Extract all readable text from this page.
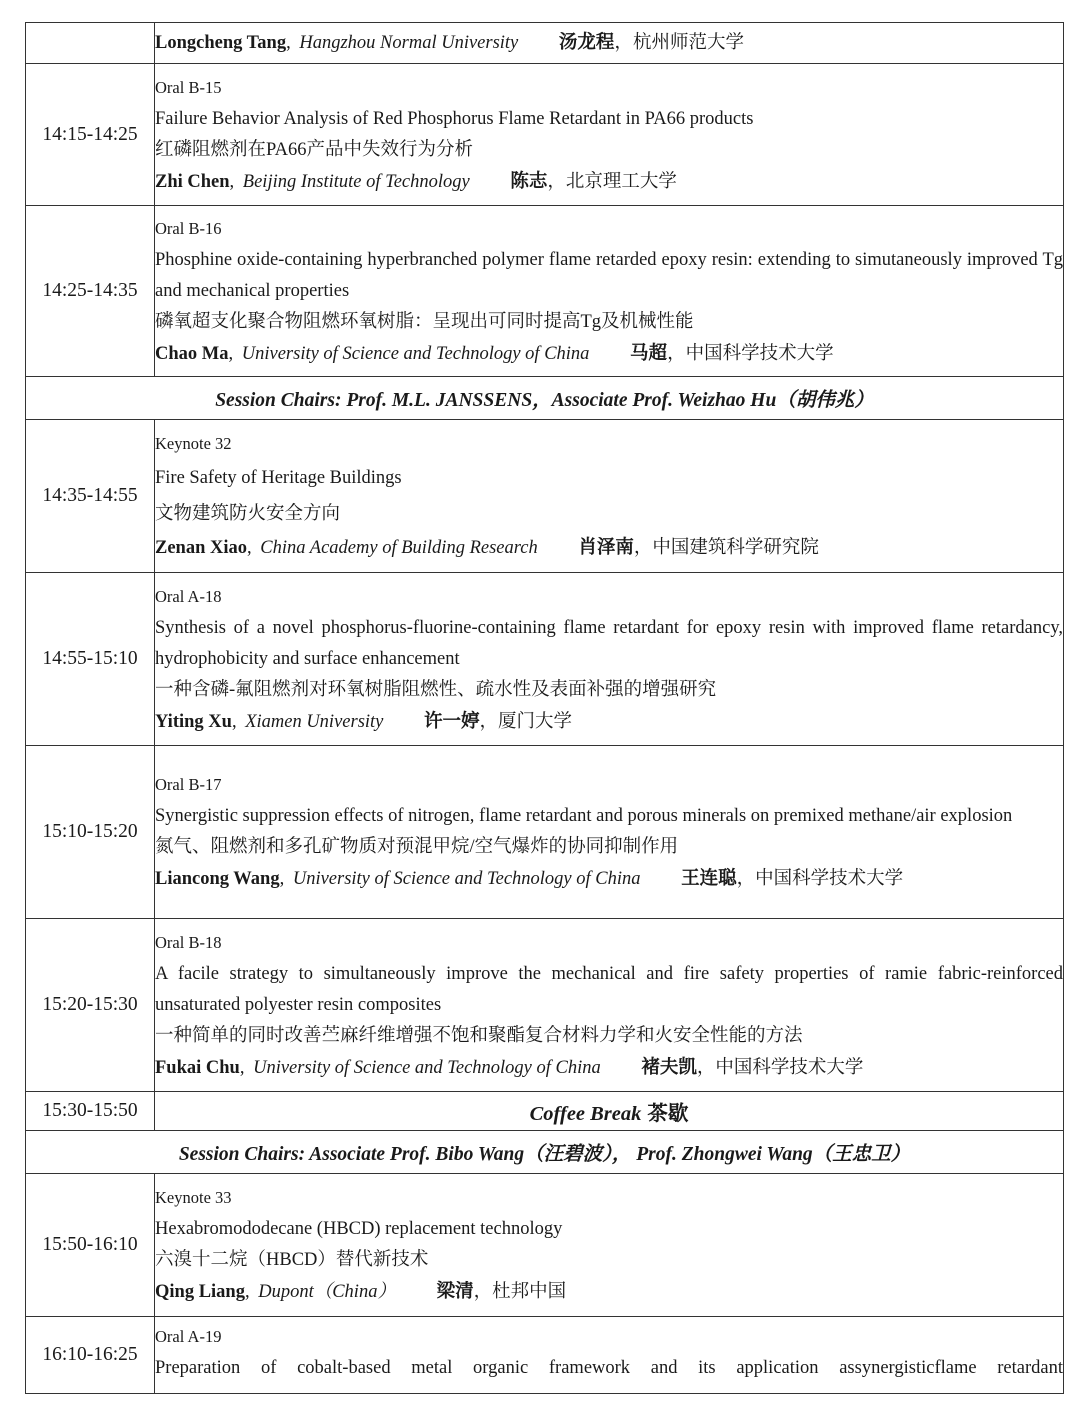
	Longcheng Tang, Hangzhou Normal University 汤龙程，杭州师范大学

14:15-14:25	Oral B-15
Failure Behavior Analysis of Red Phosphorus Flame Retardant in PA66 products
红磷阻燃剂在PA66产品中失效行为分析
Zhi Chen, Beijing Institute of Technology 陈志，北京理工大学

14:25-14:35	Oral B-16
Phosphine oxide-containing hyperbranched polymer flame retarded epoxy resin: extending to simutaneously improved Tg and mechanical properties
磷氧超支化聚合物阻燃环氧树脂：呈现出可同时提高Tg及机械性能
Chao Ma, University of Science and Technology of China 马超，中国科学技术大学

Session Chairs: Prof. M.L. JANSSENS，Associate Prof. Weizhao Hu（胡伟兆）	
14:35-14:55	Keynote 32
Fire Safety of Heritage Buildings
文物建筑防火安全方向
Zenan Xiao, China Academy of Building Research 肖泽南，中国建筑科学研究院

14:55-15:10	Oral A-18
Synthesis of a novel phosphorus-fluorine-containing flame retardant for epoxy resin with improved flame retardancy, hydrophobicity and surface enhancement
一种含磷-氟阻燃剂对环氧树脂阻燃性、疏水性及表面补强的增强研究
Yiting Xu, Xiamen University 许一婷，厦门大学

15:10-15:20	Oral B-17
Synergistic suppression effects of nitrogen, flame retardant and porous minerals on premixed methane/air explosion
氮气、阻燃剂和多孔矿物质对预混甲烷/空气爆炸的协同抑制作用
Liancong Wang, University of Science and Technology of China 王连聪，中国科学技术大学

15:20-15:30	Oral B-18
A facile strategy to simultaneously improve the mechanical and fire safety properties of ramie fabric-reinforced unsaturated polyester resin composites
一种简单的同时改善苎麻纤维增强不饱和聚酯复合材料力学和火安全性能的方法
Fukai Chu, University of Science and Technology of China 褚夫凯，中国科学技术大学

15:30-15:50	Coffee Break 茶歇
Session Chairs: Associate Prof. Bibo Wang（汪碧波）， Prof. Zhongwei Wang（王忠卫）	
15:50-16:10	Keynote 33
Hexabromododecane (HBCD) replacement technology
六溴十二烷（HBCD）替代新技术
Qing Liang, Dupont（China） 梁清，杜邦中国

16:10-16:25	Oral A-19
Preparation of cobalt-based metal organic framework and its application assynergisticflame retardant
